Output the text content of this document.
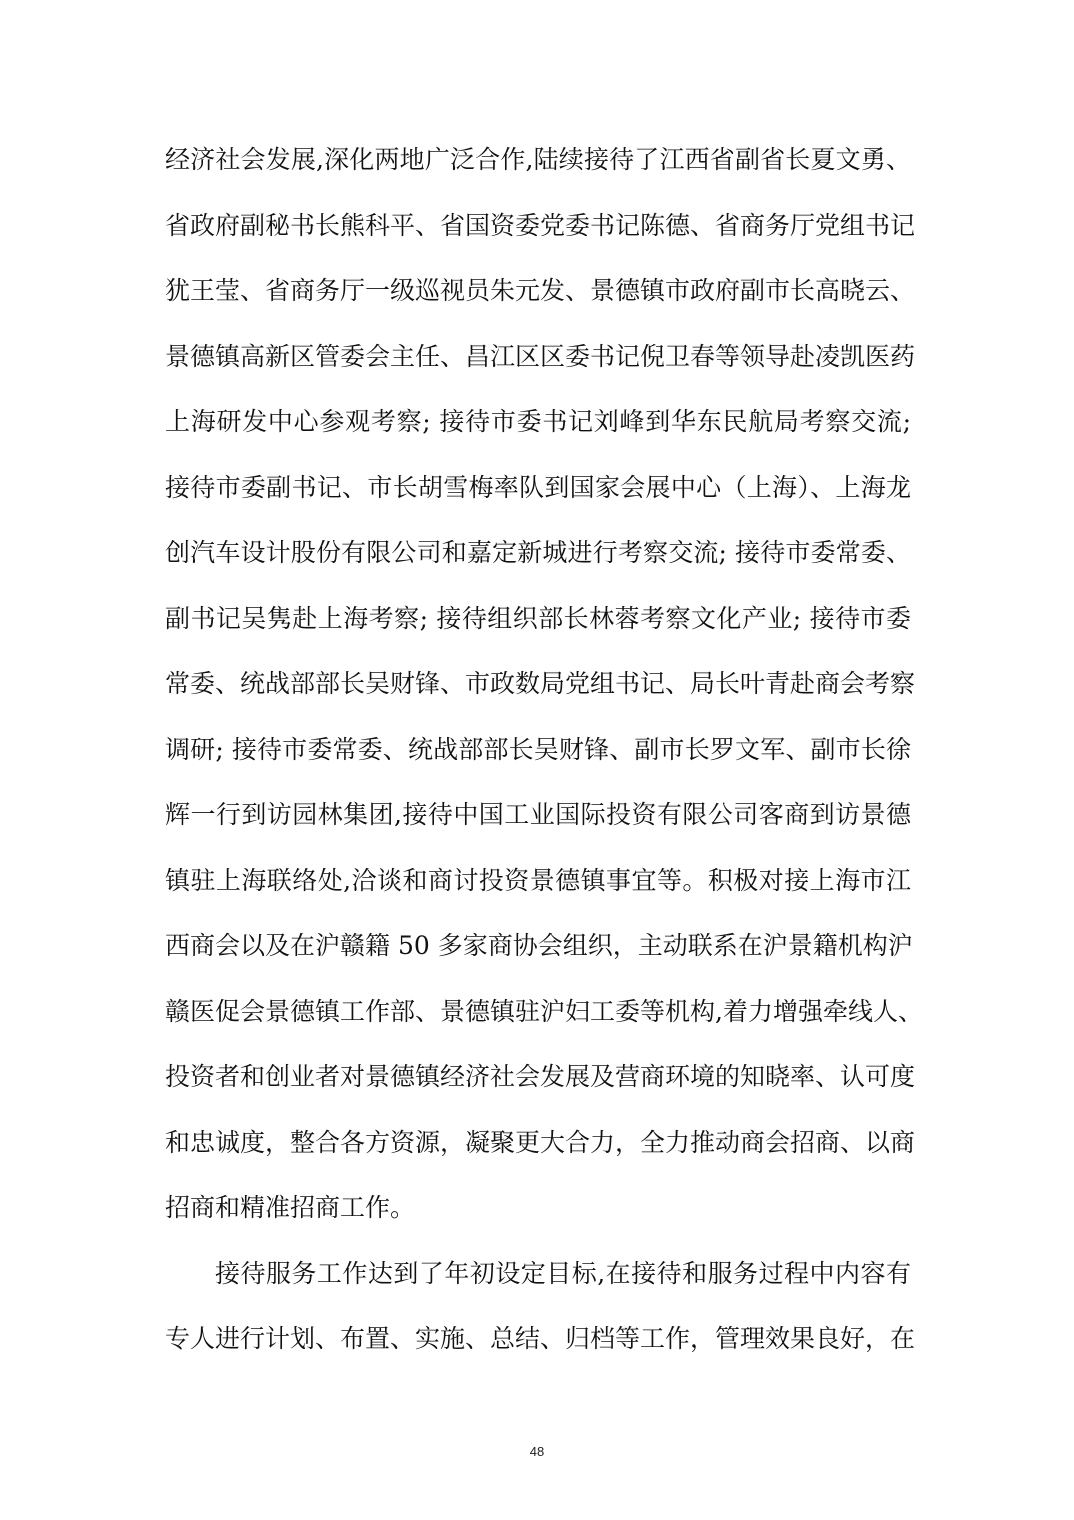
经济社会发展,深化两地广泛合作,陆续接待了江西省副省长夏文勇、
省政府副秘书长熊科平、省国资委党委书记陈德、省商务厅党组书记
犹王莹、省商务厅一级巡视员朱元发、景德镇市政府副市长高晓云、
景德镇高新区管委会主任、昌江区区委书记倪卫春等领导赴凌凯医药
上海研发中心参观考察; 接待市委书记刘峰到华东民航局考察交流;
接待市委副书记、市长胡雪梅率队到国家会展中心（上海）、上海龙
创汽车设计股份有限公司和嘉定新城进行考察交流; 接待市委常委、
副书记吴隽赴上海考察; 接待组织部长林蓉考察文化产业; 接待市委
常委、统战部部长吴财锋、市政数局党组书记、局长叶青赴商会考察
调研; 接待市委常委、统战部部长吴财锋、副市长罗文军、副市长徐
辉一行到访园林集团,接待中国工业国际投资有限公司客商到访景德
镇驻上海联络处,洽谈和商讨投资景德镇事宜等。积极对接上海市江
西商会以及在沪赣籍 50 多家商协会组织，主动联系在沪景籍机构沪
赣医促会景德镇工作部、景德镇驻沪妇工委等机构,着力增强牵线人、
投资者和创业者对景德镇经济社会发展及营商环境的知晓率、认可度
和忠诚度，整合各方资源，凝聚更大合力，全力推动商会招商、以商
招商和精准招商工作。
接待服务工作达到了年初设定目标,在接待和服务过程中内容有
专人进行计划、布置、实施、总结、归档等工作，管理效果良好，在
48
